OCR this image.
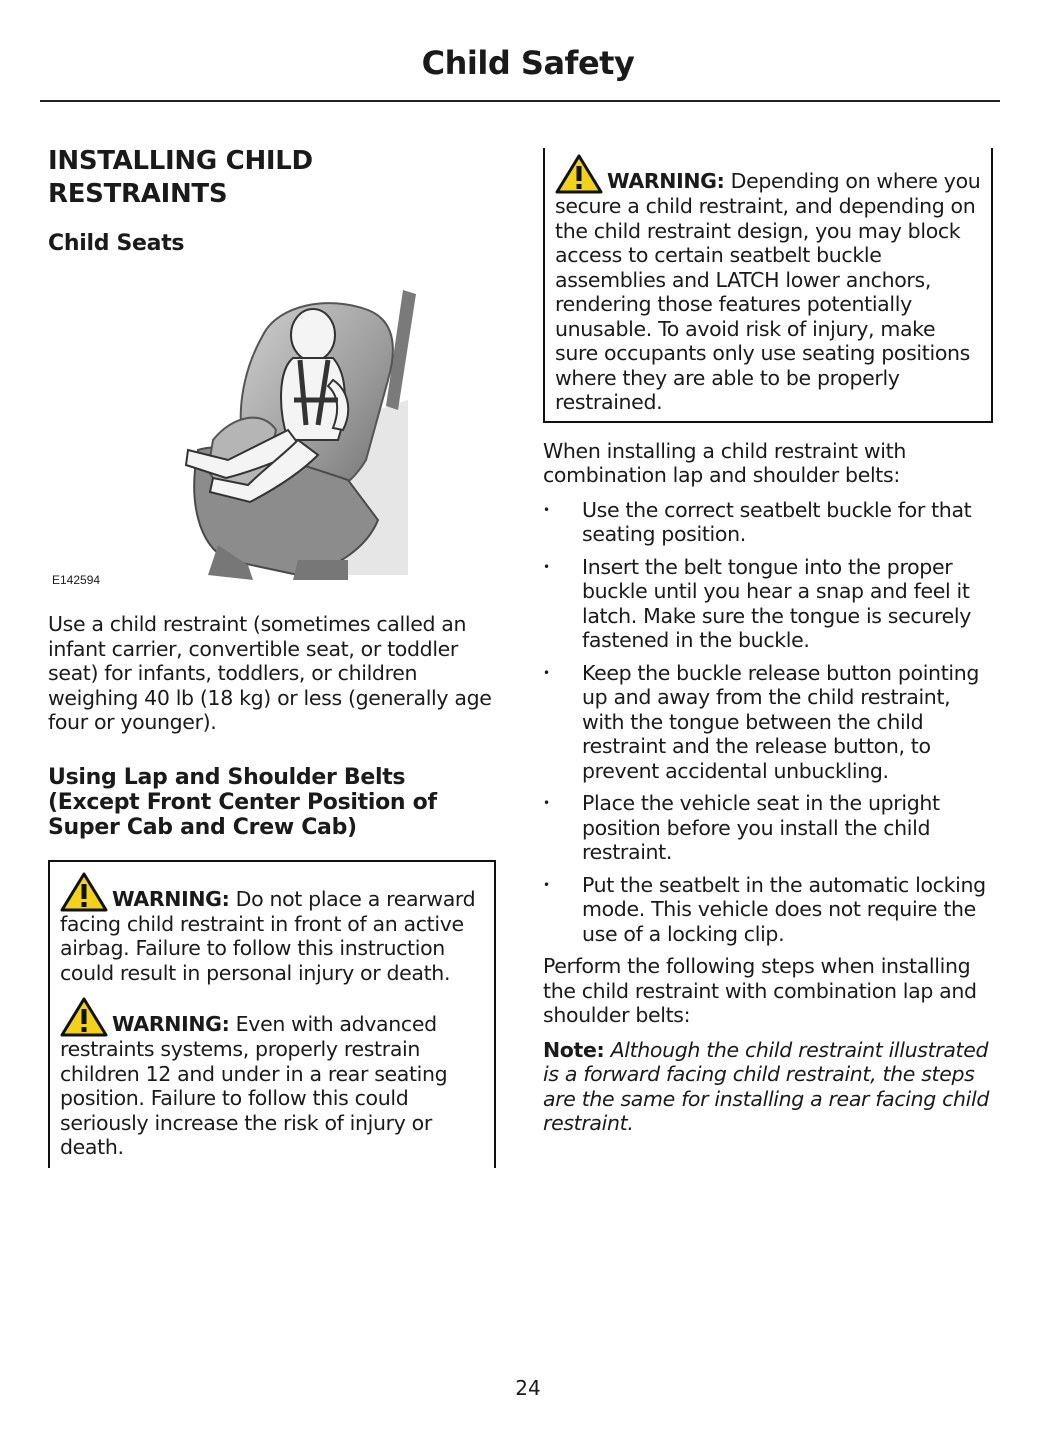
Child Safety
INSTALLING CHILD RESTRAINTS
Child Seats
E142594

Use a child restraint (sometimes called an infant carrier, convertible seat, or toddler seat) for infants, toddlers, or children weighing 40 lb (18 kg) or less (generally age four or younger).

Using Lap and Shoulder Belts (Except Front Center Position of Super Cab and Crew Cab)

WARNING: Do not place a rearward facing child restraint in front of an active airbag. Failure to follow this instruction could result in personal injury or death.

WARNING: Even with advanced restraints systems, properly restrain children 12 and under in a rear seating position. Failure to follow this could seriously increase the risk of injury or death.

WARNING: Depending on where you secure a child restraint, and depending on the child restraint design, you may block access to certain seatbelt buckle assemblies and LATCH lower anchors, rendering those features potentially unusable. To avoid risk of injury, make sure occupants only use seating positions where they are able to be properly restrained.

When installing a child restraint with combination lap and shoulder belts:

• Use the correct seatbelt buckle for that seating position.
• Insert the belt tongue into the proper buckle until you hear a snap and feel it latch. Make sure the tongue is securely fastened in the buckle.
• Keep the buckle release button pointing up and away from the child restraint, with the tongue between the child restraint and the release button, to prevent accidental unbuckling.
• Place the vehicle seat in the upright position before you install the child restraint.
• Put the seatbelt in the automatic locking mode. This vehicle does not require the use of a locking clip.

Perform the following steps when installing the child restraint with combination lap and shoulder belts:

Note: Although the child restraint illustrated is a forward facing child restraint, the steps are the same for installing a rear facing child restraint.

24
